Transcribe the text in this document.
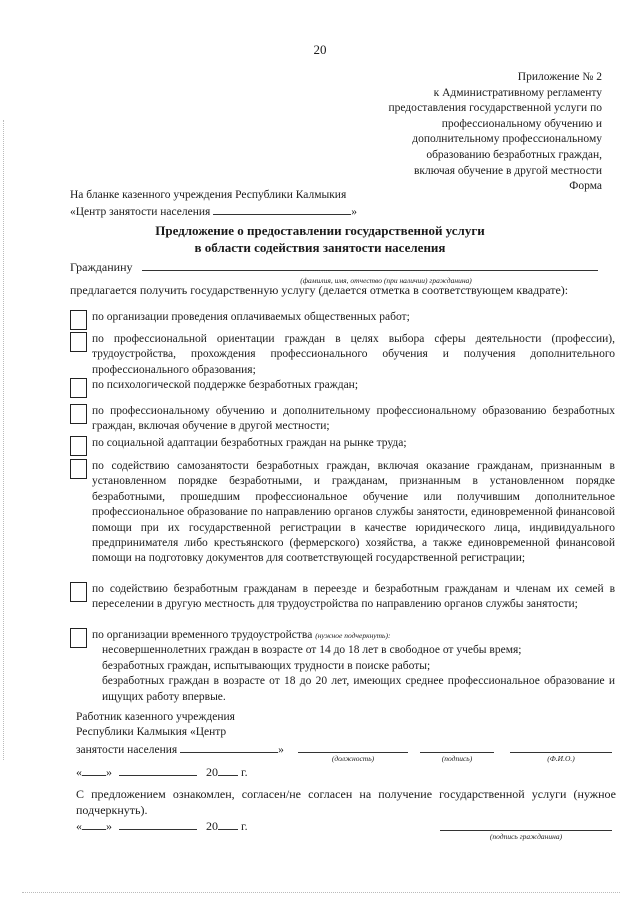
20
Приложение № 2
к Административному регламенту
предоставления государственной услуги по
профессиональному обучению и
дополнительному профессиональному
образованию безработных граждан,
включая обучение в другой местности
Форма
На бланке казенного учреждения Республики Калмыкия
«Центр занятости населения	»
Предложение о предоставлении государственной услуги
в области содействия занятости населения
Гражданину
(фамилия, имя, отчество (при наличии) гражданина)
предлагается получить государственную услугу (делается отметка в соответствующем квадрате):
по организации проведения оплачиваемых общественных работ;
по профессиональной ориентации граждан в целях выбора сферы деятельности (профессии), трудоустройства, прохождения профессионального обучения и получения дополнительного профессионального образования;
по психологической поддержке безработных граждан;
по профессиональному обучению и дополнительному профессиональному образованию безработных граждан, включая обучение в другой местности;
по социальной адаптации безработных граждан на рынке труда;
по содействию самозанятости безработных граждан, включая оказание гражданам, признанным в установленном порядке безработными, и гражданам, признанным в установленном порядке безработными, прошедшим профессиональное обучение или получившим дополнительное профессиональное образование по направлению органов службы занятости, единовременной финансовой помощи при их государственной регистрации в качестве юридического лица, индивидуального предпринимателя либо крестьянского (фермерского) хозяйства, а также единовременной финансовой помощи на подготовку документов для соответствующей государственной регистрации;
по содействию безработным гражданам в переезде и безработным гражданам и членам их семей в переселении в другую местность для трудоустройства по направлению органов службы занятости;
по организации временного трудоустройства (нужное подчеркнуть):
несовершеннолетних граждан в возрасте от 14 до 18 лет в свободное от учебы время;
безработных граждан, испытывающих трудности в поиске работы;
безработных граждан в возрасте от 18 до 20 лет, имеющих среднее профессиональное образование и ищущих работу впервые.
Работник казенного учреждения
Республики Калмыкия «Центр
занятости населения	»
(должность)	(подпись)	(Ф.И.О.)
« »	20 г.
С предложением ознакомлен, согласен/не согласен на получение государственной услуги (нужное подчеркнуть).
« »	20 г.
(подпись гражданина)
